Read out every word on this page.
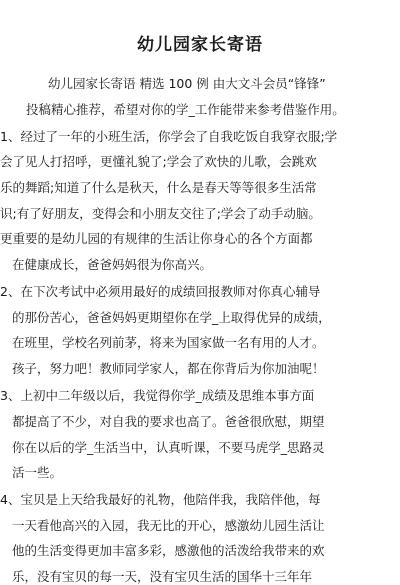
幼儿园家长寄语
幼儿园家长寄语 精选 100 例 由大文斗会员“锋锋”
投稿精心推荐，希望对你的学_工作能带来参考借鉴作用。
1、经过了一年的小班生活，你学会了自我吃饭自我穿衣服;学
会了见人打招呼，更懂礼貌了;学会了欢快的儿歌，会跳欢
乐的舞蹈;知道了什么是秋天，什么是春天等等很多生活常
识;有了好朋友，变得会和小朋友交往了;学会了动手动脑。
更重要的是幼儿园的有规律的生活让你身心的各个方面都
在健康成长，爸爸妈妈很为你高兴。
2、在下次考试中必须用最好的成绩回报教师对你真心辅导
的那份苦心，爸爸妈妈更期望你在学_上取得优异的成绩，
在班里，学校名列前茅，将来为国家做一名有用的人才。
孩子，努力吧！教师同学家人，都在你背后为你加油呢！
3、上初中二年级以后，我觉得你学_成绩及思维本事方面
都提高了不少，对自我的要求也高了。爸爸很欣慰，期望
你在以后的学_生活当中，认真听课，不要马虎学_思路灵
活一些。
4、宝贝是上天给我最好的礼物，他陪伴我，我陪伴他，每
一天看他高兴的入园，我无比的开心，感激幼儿园生活让
他的生活变得更加丰富多彩，感激他的活泼给我带来的欢
乐，没有宝贝的每一天，没有宝贝生活的国华十三年年
